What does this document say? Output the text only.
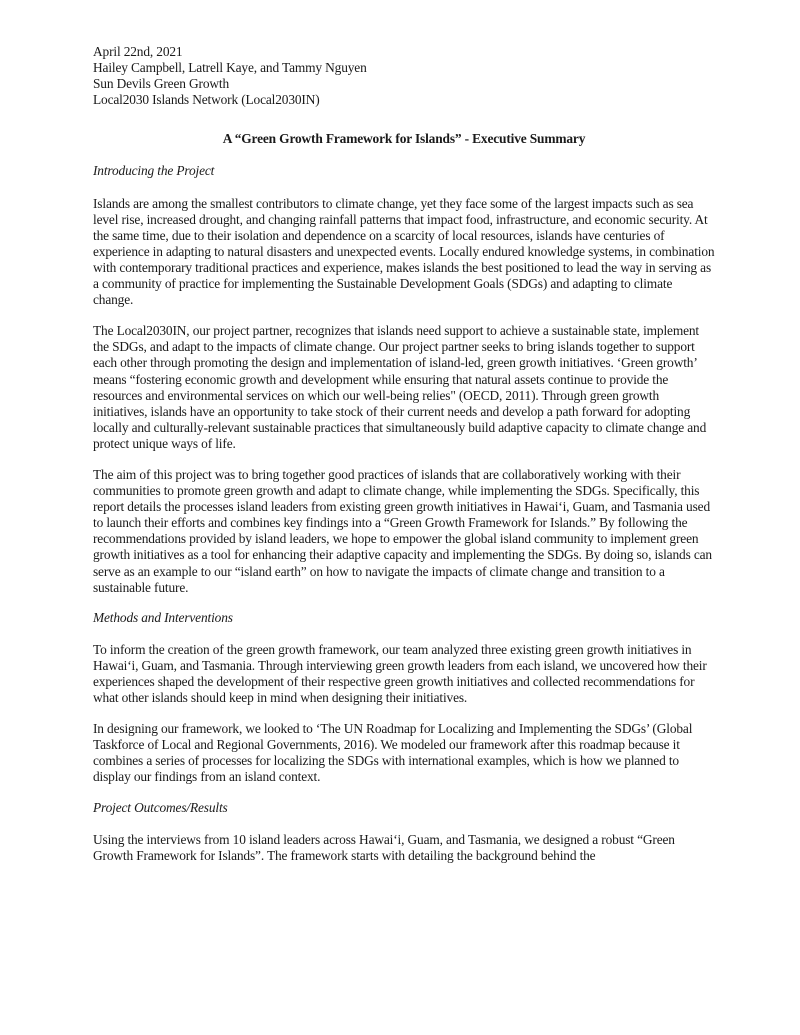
April 22nd, 2021
Hailey Campbell, Latrell Kaye, and Tammy Nguyen
Sun Devils Green Growth
Local2030 Islands Network (Local2030IN)
A “Green Growth Framework for Islands” - Executive Summary
Introducing the Project

Islands are among the smallest contributors to climate change, yet they face some of the largest impacts such as sea level rise, increased drought, and changing rainfall patterns that impact food, infrastructure, and economic security. At the same time, due to their isolation and dependence on a scarcity of local resources, islands have centuries of experience in adapting to natural disasters and unexpected events. Locally endured knowledge systems, in combination with contemporary traditional practices and experience, makes islands the best positioned to lead the way in serving as a community of practice for implementing the Sustainable Development Goals (SDGs) and adapting to climate change.

The Local2030IN, our project partner, recognizes that islands need support to achieve a sustainable state, implement the SDGs, and adapt to the impacts of climate change. Our project partner seeks to bring islands together to support each other through promoting the design and implementation of island-led, green growth initiatives. ‘Green growth’ means “fostering economic growth and development while ensuring that natural assets continue to provide the resources and environmental services on which our well-being relies" (OECD, 2011). Through green growth initiatives, islands have an opportunity to take stock of their current needs and develop a path forward for adopting locally and culturally-relevant sustainable practices that simultaneously build adaptive capacity to climate change and protect unique ways of life.

The aim of this project was to bring together good practices of islands that are collaboratively working with their communities to promote green growth and adapt to climate change, while implementing the SDGs. Specifically, this report details the processes island leaders from existing green growth initiatives in Hawai‘i, Guam, and Tasmania used to launch their efforts and combines key findings into a “Green Growth Framework for Islands.” By following the recommendations provided by island leaders, we hope to empower the global island community to implement green growth initiatives as a tool for enhancing their adaptive capacity and implementing the SDGs. By doing so, islands can serve as an example to our “island earth” on how to navigate the impacts of climate change and transition to a sustainable future.

Methods and Interventions

To inform the creation of the green growth framework, our team analyzed three existing green growth initiatives in Hawai‘i, Guam, and Tasmania. Through interviewing green growth leaders from each island, we uncovered how their experiences shaped the development of their respective green growth initiatives and collected recommendations for what other islands should keep in mind when designing their initiatives.

In designing our framework, we looked to ‘The UN Roadmap for Localizing and Implementing the SDGs’ (Global Taskforce of Local and Regional Governments, 2016). We modeled our framework after this roadmap because it combines a series of processes for localizing the SDGs with international examples, which is how we planned to display our findings from an island context.

Project Outcomes/Results

Using the interviews from 10 island leaders across Hawai‘i, Guam, and Tasmania, we designed a robust “Green Growth Framework for Islands”. The framework starts with detailing the background behind the
